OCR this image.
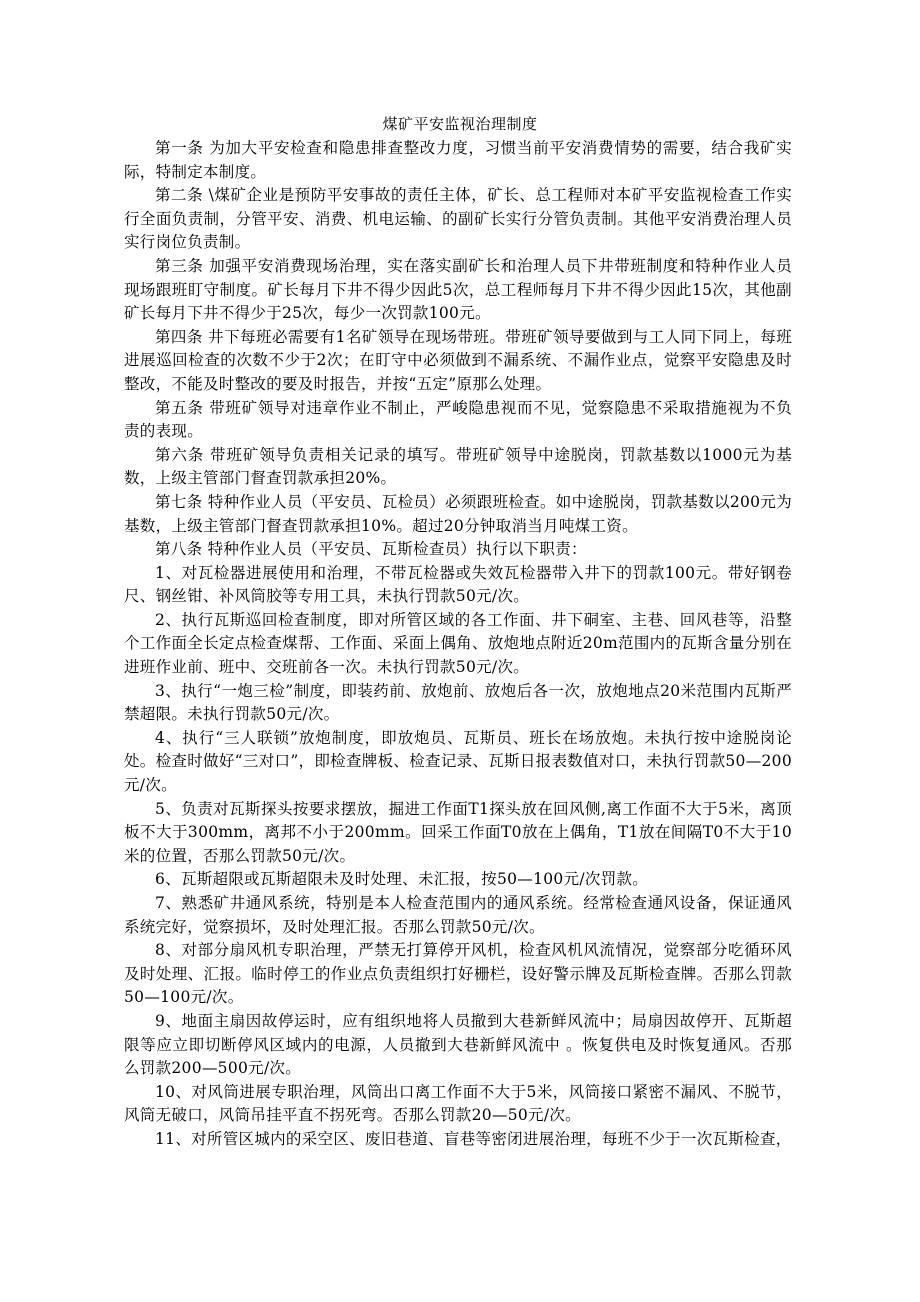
煤矿平安监视治理制度

第一条 为加大平安检查和隐患排查整改力度，习惯当前平安消费情势的需要，结合我矿实际，特制定本制度。

第二条 \煤矿企业是预防平安事故的责任主体，矿长、总工程师对本矿平安监视检查工作实行全面负责制，分管平安、消费、机电运输、的副矿长实行分管负责制。其他平安消费治理人员实行岗位负责制。

第三条 加强平安消费现场治理，实在落实副矿长和治理人员下井带班制度和特种作业人员现场跟班盯守制度。矿长每月下井不得少因此5次，总工程师每月下井不得少因此15次，其他副矿长每月下井不得少于25次，每少一次罚款100元。

第四条 井下每班必需要有1名矿领导在现场带班。带班矿领导要做到与工人同下同上，每班进展巡回检查的次数不少于2次；在盯守中必须做到不漏系统、不漏作业点，觉察平安隐患及时整改，不能及时整改的要及时报告，并按“五定”原那么处理。

第五条 带班矿领导对违章作业不制止，严峻隐患视而不见，觉察隐患不采取措施视为不负责的表现。

第六条 带班矿领导负责相关记录的填写。带班矿领导中途脱岗，罚款基数以1000元为基数，上级主管部门督查罚款承担20%。

第七条 特种作业人员（平安员、瓦检员）必须跟班检查。如中途脱岗，罚款基数以200元为基数，上级主管部门督查罚款承担10%。超过20分钟取消当月吨煤工资。

第八条 特种作业人员（平安员、瓦斯检查员）执行以下职责：

1、对瓦检器进展使用和治理，不带瓦检器或失效瓦检器带入井下的罚款100元。带好钢卷尺、钢丝钳、补风筒胶等专用工具，未执行罚款50元/次。

2、执行瓦斯巡回检查制度，即对所管区域的各工作面、井下硐室、主巷、回风巷等，沿整个工作面全长定点检查煤帮、工作面、采面上偶角、放炮地点附近20m范围内的瓦斯含量分别在进班作业前、班中、交班前各一次。未执行罚款50元/次。

3、执行“一炮三检”制度，即装药前、放炮前、放炮后各一次，放炮地点20米范围内瓦斯严禁超限。未执行罚款50元/次。

4、执行“三人联锁”放炮制度，即放炮员、瓦斯员、班长在场放炮。未执行按中途脱岗论处。检查时做好“三对口”，即检查牌板、检查记录、瓦斯日报表数值对口，未执行罚款50—200元/次。

5、负责对瓦斯探头按要求摆放，掘进工作面T1探头放在回风侧,离工作面不大于5米，离顶板不大于300mm，离邦不小于200mm。回采工作面T0放在上偶角，T1放在间隔T0不大于10米的位置，否那么罚款50元/次。

6、瓦斯超限或瓦斯超限未及时处理、未汇报，按50—100元/次罚款。

7、熟悉矿井通风系统，特别是本人检查范围内的通风系统。经常检查通风设备，保证通风系统完好，觉察损坏，及时处理汇报。否那么罚款50元/次。

8、对部分扇风机专职治理，严禁无打算停开风机，检查风机风流情况，觉察部分吃循环风及时处理、汇报。临时停工的作业点负责组织打好栅栏，设好警示牌及瓦斯检查牌。否那么罚款50—100元/次。

9、地面主扇因故停运时，应有组织地将人员撤到大巷新鲜风流中；局扇因故停开、瓦斯超限等应立即切断停风区域内的电源，人员撤到大巷新鲜风流中 。恢复供电及时恢复通风。否那么罚款200—500元/次。

10、对风筒进展专职治理，风筒出口离工作面不大于5米，风筒接口紧密不漏风、不脱节，风筒无破口，风筒吊挂平直不拐死弯。否那么罚款20—50元/次。

11、对所管区城内的采空区、废旧巷道、盲巷等密闭进展治理，每班不少于一次瓦斯检查，
